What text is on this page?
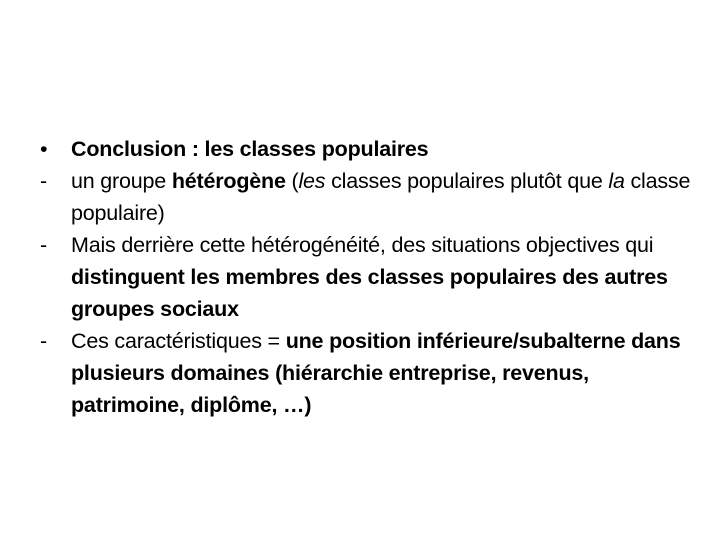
•	Conclusion : les classes populaires
-	un groupe hétérogène (les classes populaires plutôt que la classe populaire)
-	Mais derrière cette hétérogénéité, des situations objectives qui distinguent les membres des classes populaires des autres groupes sociaux
-	Ces caractéristiques = une position inférieure/subalterne dans plusieurs domaines (hiérarchie entreprise, revenus, patrimoine, diplôme, …)
